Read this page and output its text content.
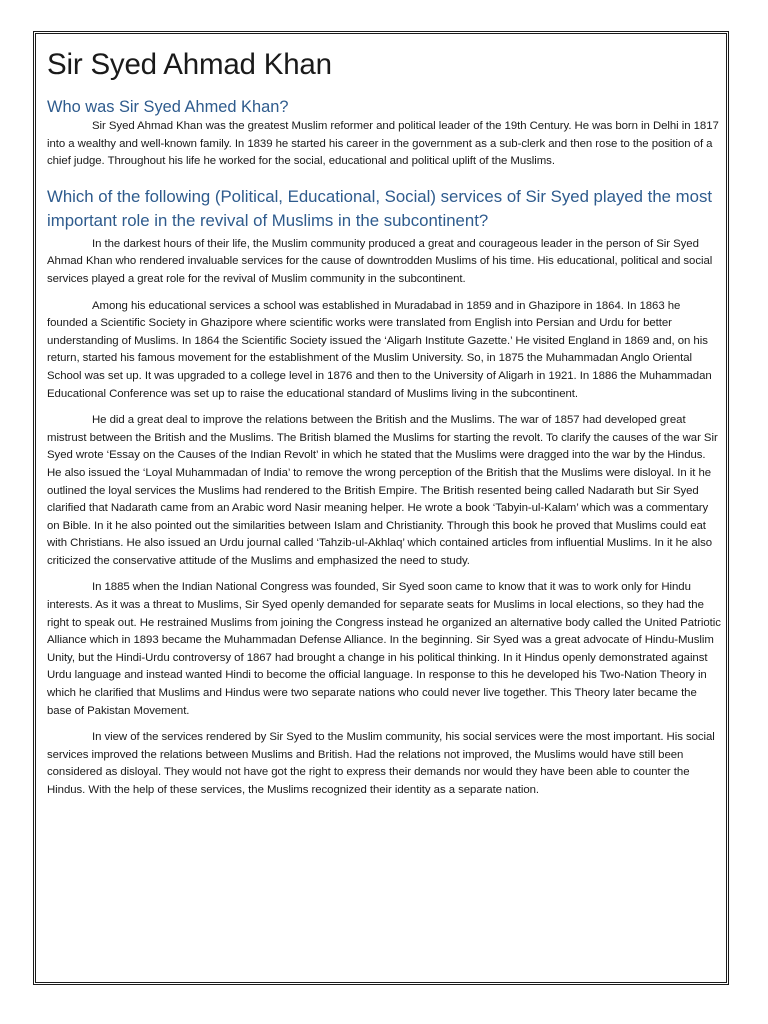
Sir Syed Ahmad Khan
Who was Sir Syed Ahmed Khan?

Sir Syed Ahmad Khan was the greatest Muslim reformer and political leader of the 19th Century. He was born in Delhi in 1817 into a wealthy and well-known family. In 1839 he started his career in the government as a sub-clerk and then rose to the position of a chief judge. Throughout his life he worked for the social, educational and political uplift of the Muslims.

Which of the following (Political, Educational, Social) services of Sir Syed played the most important role in the revival of Muslims in the subcontinent?

In the darkest hours of their life, the Muslim community produced a great and courageous leader in the person of Sir Syed Ahmad Khan who rendered invaluable services for the cause of downtrodden Muslims of his time. His educational, political and social services played a great role for the revival of Muslim community in the subcontinent.

Among his educational services a school was established in Muradabad in 1859 and in Ghazipore in 1864. In 1863 he founded a Scientific Society in Ghazipore where scientific works were translated from English into Persian and Urdu for better understanding of Muslims. In 1864 the Scientific Society issued the ‘Aligarh Institute Gazette.’ He visited England in 1869 and, on his return, started his famous movement for the establishment of the Muslim University. So, in 1875 the Muhammadan Anglo Oriental School was set up. It was upgraded to a college level in 1876 and then to the University of Aligarh in 1921. In 1886 the Muhammadan Educational Conference was set up to raise the educational standard of Muslims living in the subcontinent.

He did a great deal to improve the relations between the British and the Muslims. The war of 1857 had developed great mistrust between the British and the Muslims. The British blamed the Muslims for starting the revolt. To clarify the causes of the war Sir Syed wrote ‘Essay on the Causes of the Indian Revolt’ in which he stated that the Muslims were dragged into the war by the Hindus. He also issued the ‘Loyal Muhammadan of India’ to remove the wrong perception of the British that the Muslims were disloyal. In it he outlined the loyal services the Muslims had rendered to the British Empire. The British resented being called Nadarath but Sir Syed clarified that Nadarath came from an Arabic word Nasir meaning helper. He wrote a book ‘Tabyin-ul-Kalam’ which was a commentary on Bible. In it he also pointed out the similarities between Islam and Christianity. Through this book he proved that Muslims could eat with Christians. He also issued an Urdu journal called ‘Tahzib-ul-Akhlaq’ which contained articles from influential Muslims. In it he also criticized the conservative attitude of the Muslims and emphasized the need to study.

In 1885 when the Indian National Congress was founded, Sir Syed soon came to know that it was to work only for Hindu interests. As it was a threat to Muslims, Sir Syed openly demanded for separate seats for Muslims in local elections, so they had the right to speak out. He restrained Muslims from joining the Congress instead he organized an alternative body called the United Patriotic Alliance which in 1893 became the Muhammadan Defense Alliance. In the beginning. Sir Syed was a great advocate of Hindu-Muslim Unity, but the Hindi-Urdu controversy of 1867 had brought a change in his political thinking. In it Hindus openly demonstrated against Urdu language and instead wanted Hindi to become the official language. In response to this he developed his Two-Nation Theory in which he clarified that Muslims and Hindus were two separate nations who could never live together. This Theory later became the base of Pakistan Movement.

In view of the services rendered by Sir Syed to the Muslim community, his social services were the most important. His social services improved the relations between Muslims and British. Had the relations not improved, the Muslims would have still been considered as disloyal. They would not have got the right to express their demands nor would they have been able to counter the Hindus. With the help of these services, the Muslims recognized their identity as a separate nation.
